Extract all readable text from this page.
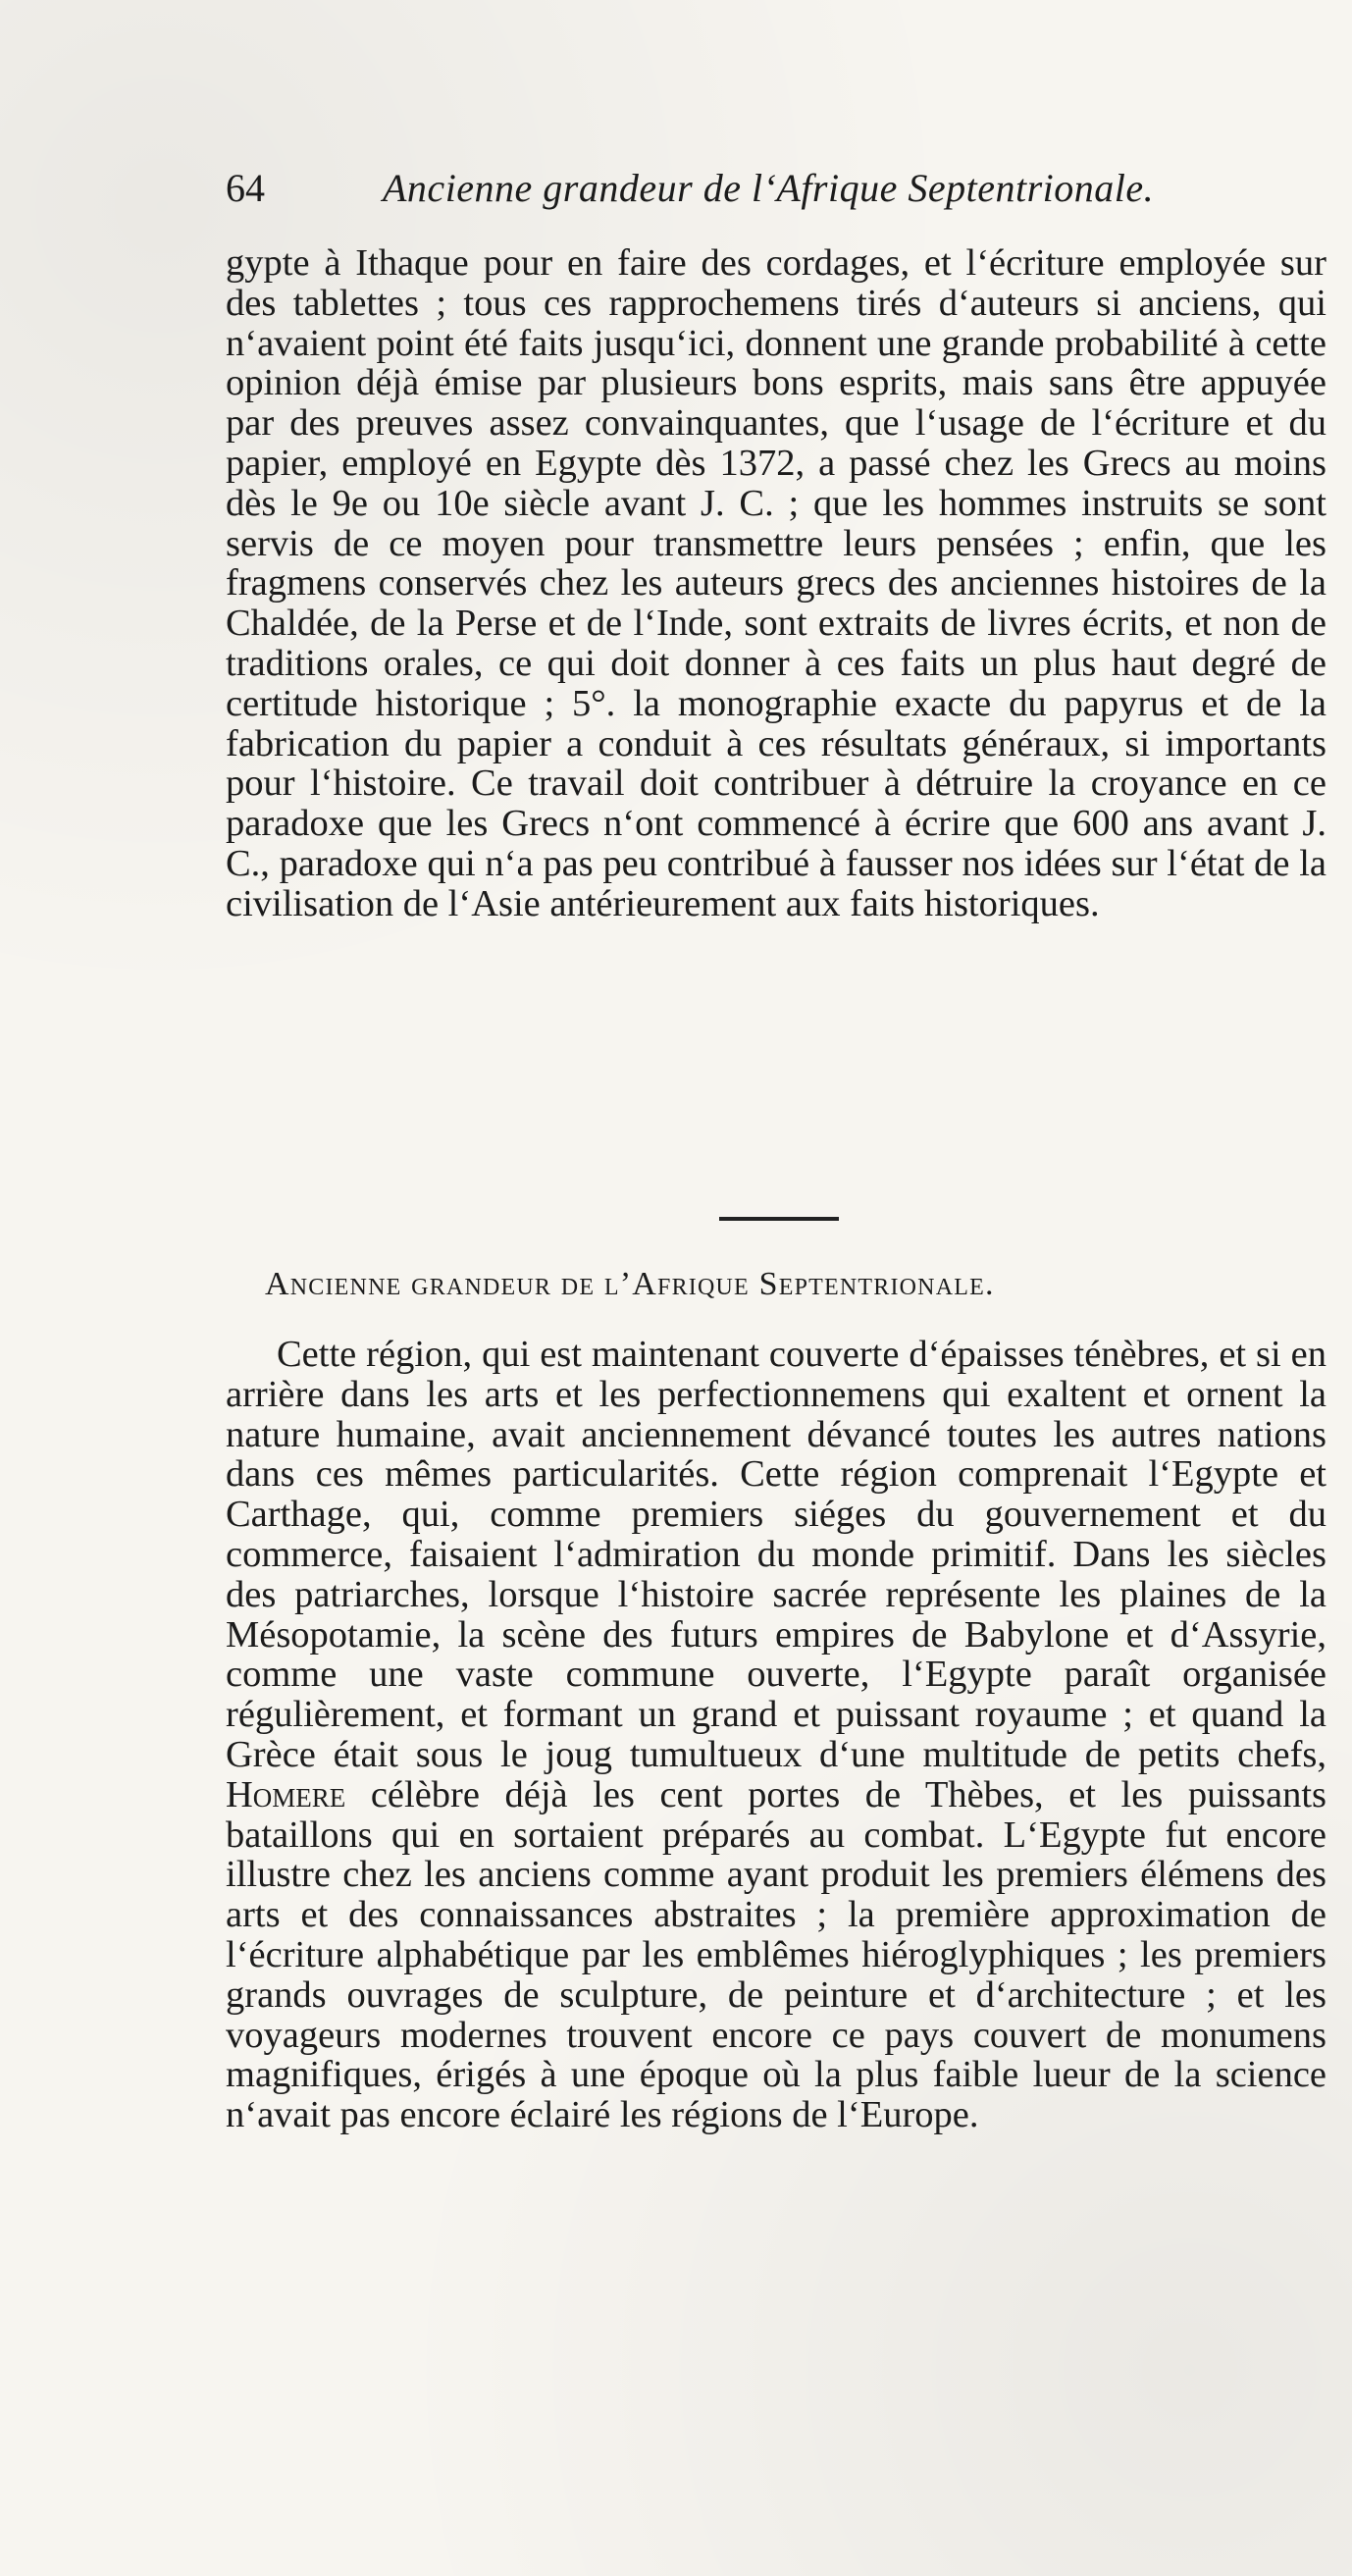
64	Ancienne grandeur de l‘Afrique Septentrionale.

gypte à Ithaque pour en faire des cordages, et l‘écriture employée sur des tablettes ; tous ces rapprochemens tirés d‘auteurs si anciens, qui n‘avaient point été faits jusqu‘ici, donnent une grande probabilité à cette opinion déjà émise par plusieurs bons esprits, mais sans être appuyée par des preuves assez convainquantes, que l‘usage de l‘écriture et du papier, employé en Egypte dès 1372, a passé chez les Grecs au moins dès le 9e ou 10e siècle avant J. C. ; que les hommes instruits se sont servis de ce moyen pour transmettre leurs pensées ; enfin, que les fragmens conservés chez les auteurs grecs des anciennes histoires de la Chaldée, de la Perse et de l‘Inde, sont extraits de livres écrits, et non de traditions orales, ce qui doit donner à ces faits un plus haut degré de certitude historique ; 5°. la monographie exacte du papyrus et de la fabrication du papier a conduit à ces résultats généraux, si importants pour l‘histoire. Ce travail doit contribuer à détruire la croyance en ce paradoxe que les Grecs n‘ont commencé à écrire que 600 ans avant J. C., paradoxe qui n‘a pas peu contribué à fausser nos idées sur l‘état de la civilisation de l‘Asie antérieurement aux faits historiques.

Ancienne grandeur de l’Afrique Septentrionale.

Cette région, qui est maintenant couverte d‘épaisses ténèbres, et si en arrière dans les arts et les perfectionnemens qui exaltent et ornent la nature humaine, avait anciennement dévancé toutes les autres nations dans ces mêmes particularités. Cette région comprenait l‘Egypte et Carthage, qui, comme premiers siéges du gouvernement et du commerce, faisaient l‘admiration du monde primitif. Dans les siècles des patriarches, lorsque l‘histoire sacrée représente les plaines de la Mésopotamie, la scène des futurs empires de Babylone et d‘Assyrie, comme une vaste commune ouverte, l‘Egypte paraît organisée régulièrement, et formant un grand et puissant royaume ; et quand la Grèce était sous le joug tumultueux d‘une multitude de petits chefs, Homere célèbre déjà les cent portes de Thèbes, et les puissants bataillons qui en sortaient préparés au combat. L‘Egypte fut encore illustre chez les anciens comme ayant produit les premiers élémens des arts et des connaissances abstraites ; la première approximation de l‘écriture alphabétique par les emblêmes hiéroglyphiques ; les premiers grands ouvrages de sculpture, de peinture et d‘architecture ; et les voyageurs modernes trouvent encore ce pays couvert de monumens magnifiques, érigés à une époque où la plus faible lueur de la science n‘avait pas encore éclairé les régions de l‘Europe.
